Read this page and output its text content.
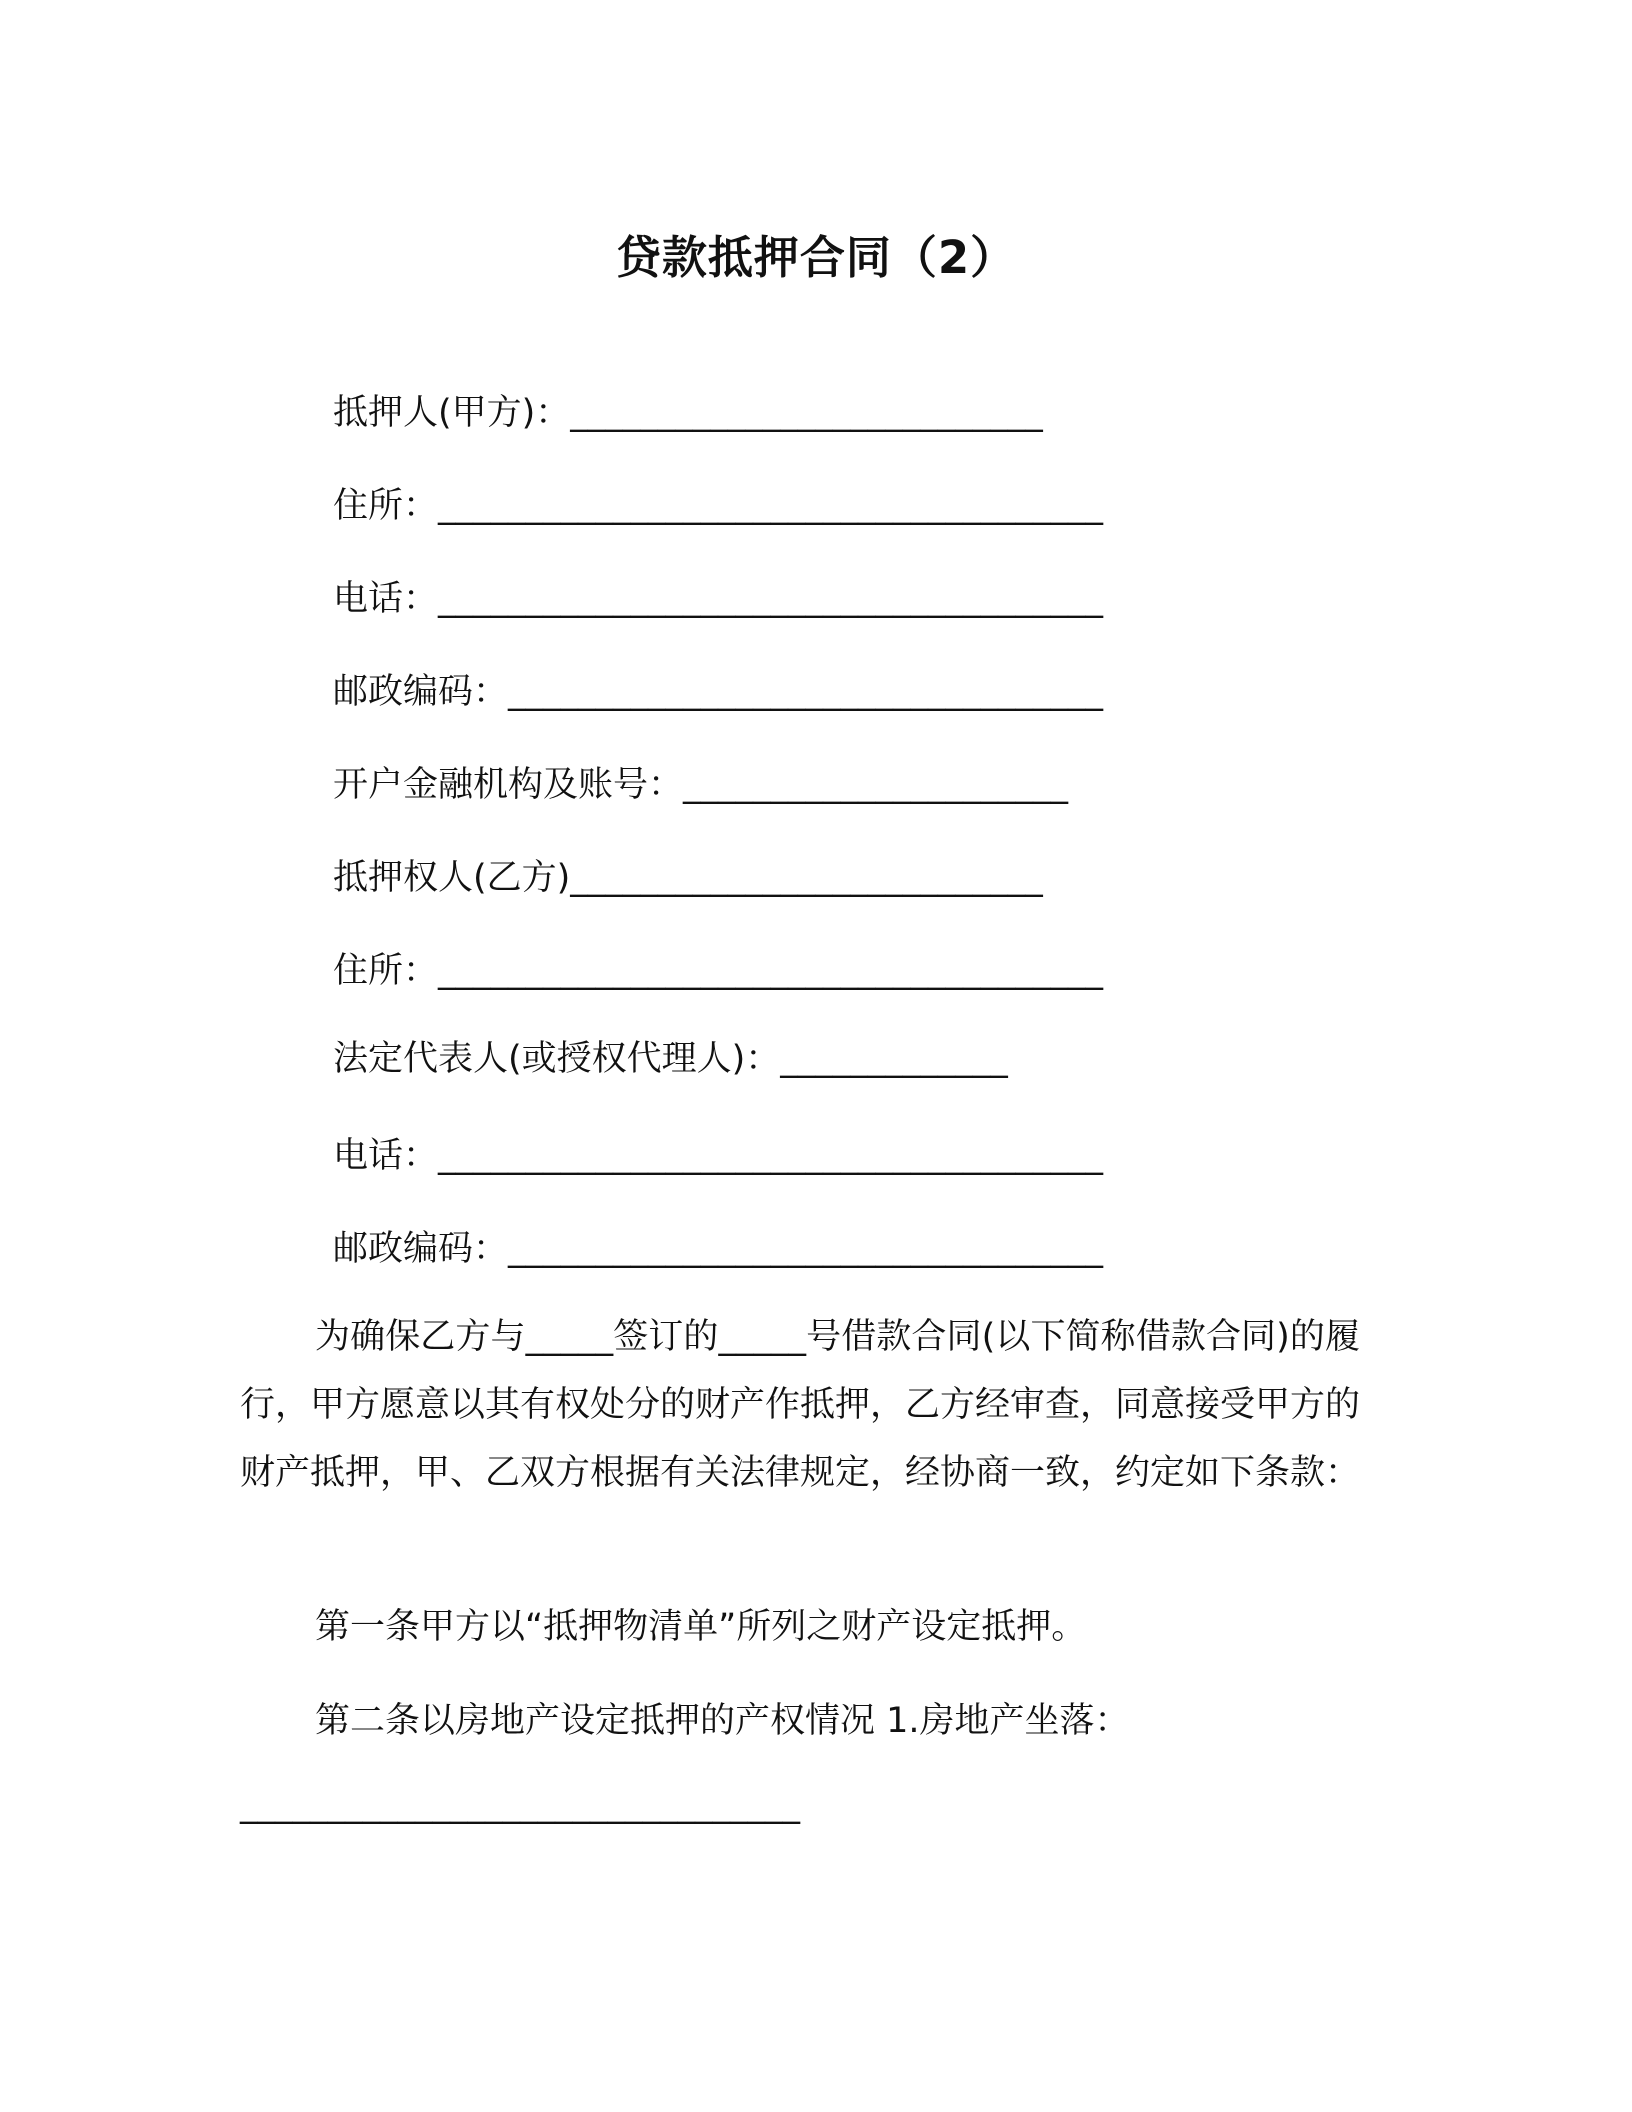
贷款抵押合同（2）
抵押人(甲方)：___________________________
住所：______________________________________
电话：______________________________________
邮政编码：__________________________________
开户金融机构及账号：______________________
抵押权人(乙方)___________________________
住所：______________________________________
法定代表人(或授权代理人)：_____________
电话：______________________________________
邮政编码：__________________________________

为确保乙方与_____签订的_____号借款合同(以下简称借款合同)的履行，甲方愿意以其有权处分的财产作抵押，乙方经审查，同意接受甲方的财产抵押，甲、乙双方根据有关法律规定，经协商一致，约定如下条款：

第一条甲方以“抵押物清单”所列之财产设定抵押。
第二条以房地产设定抵押的产权情况 1.房地产坐落：
________________________________
